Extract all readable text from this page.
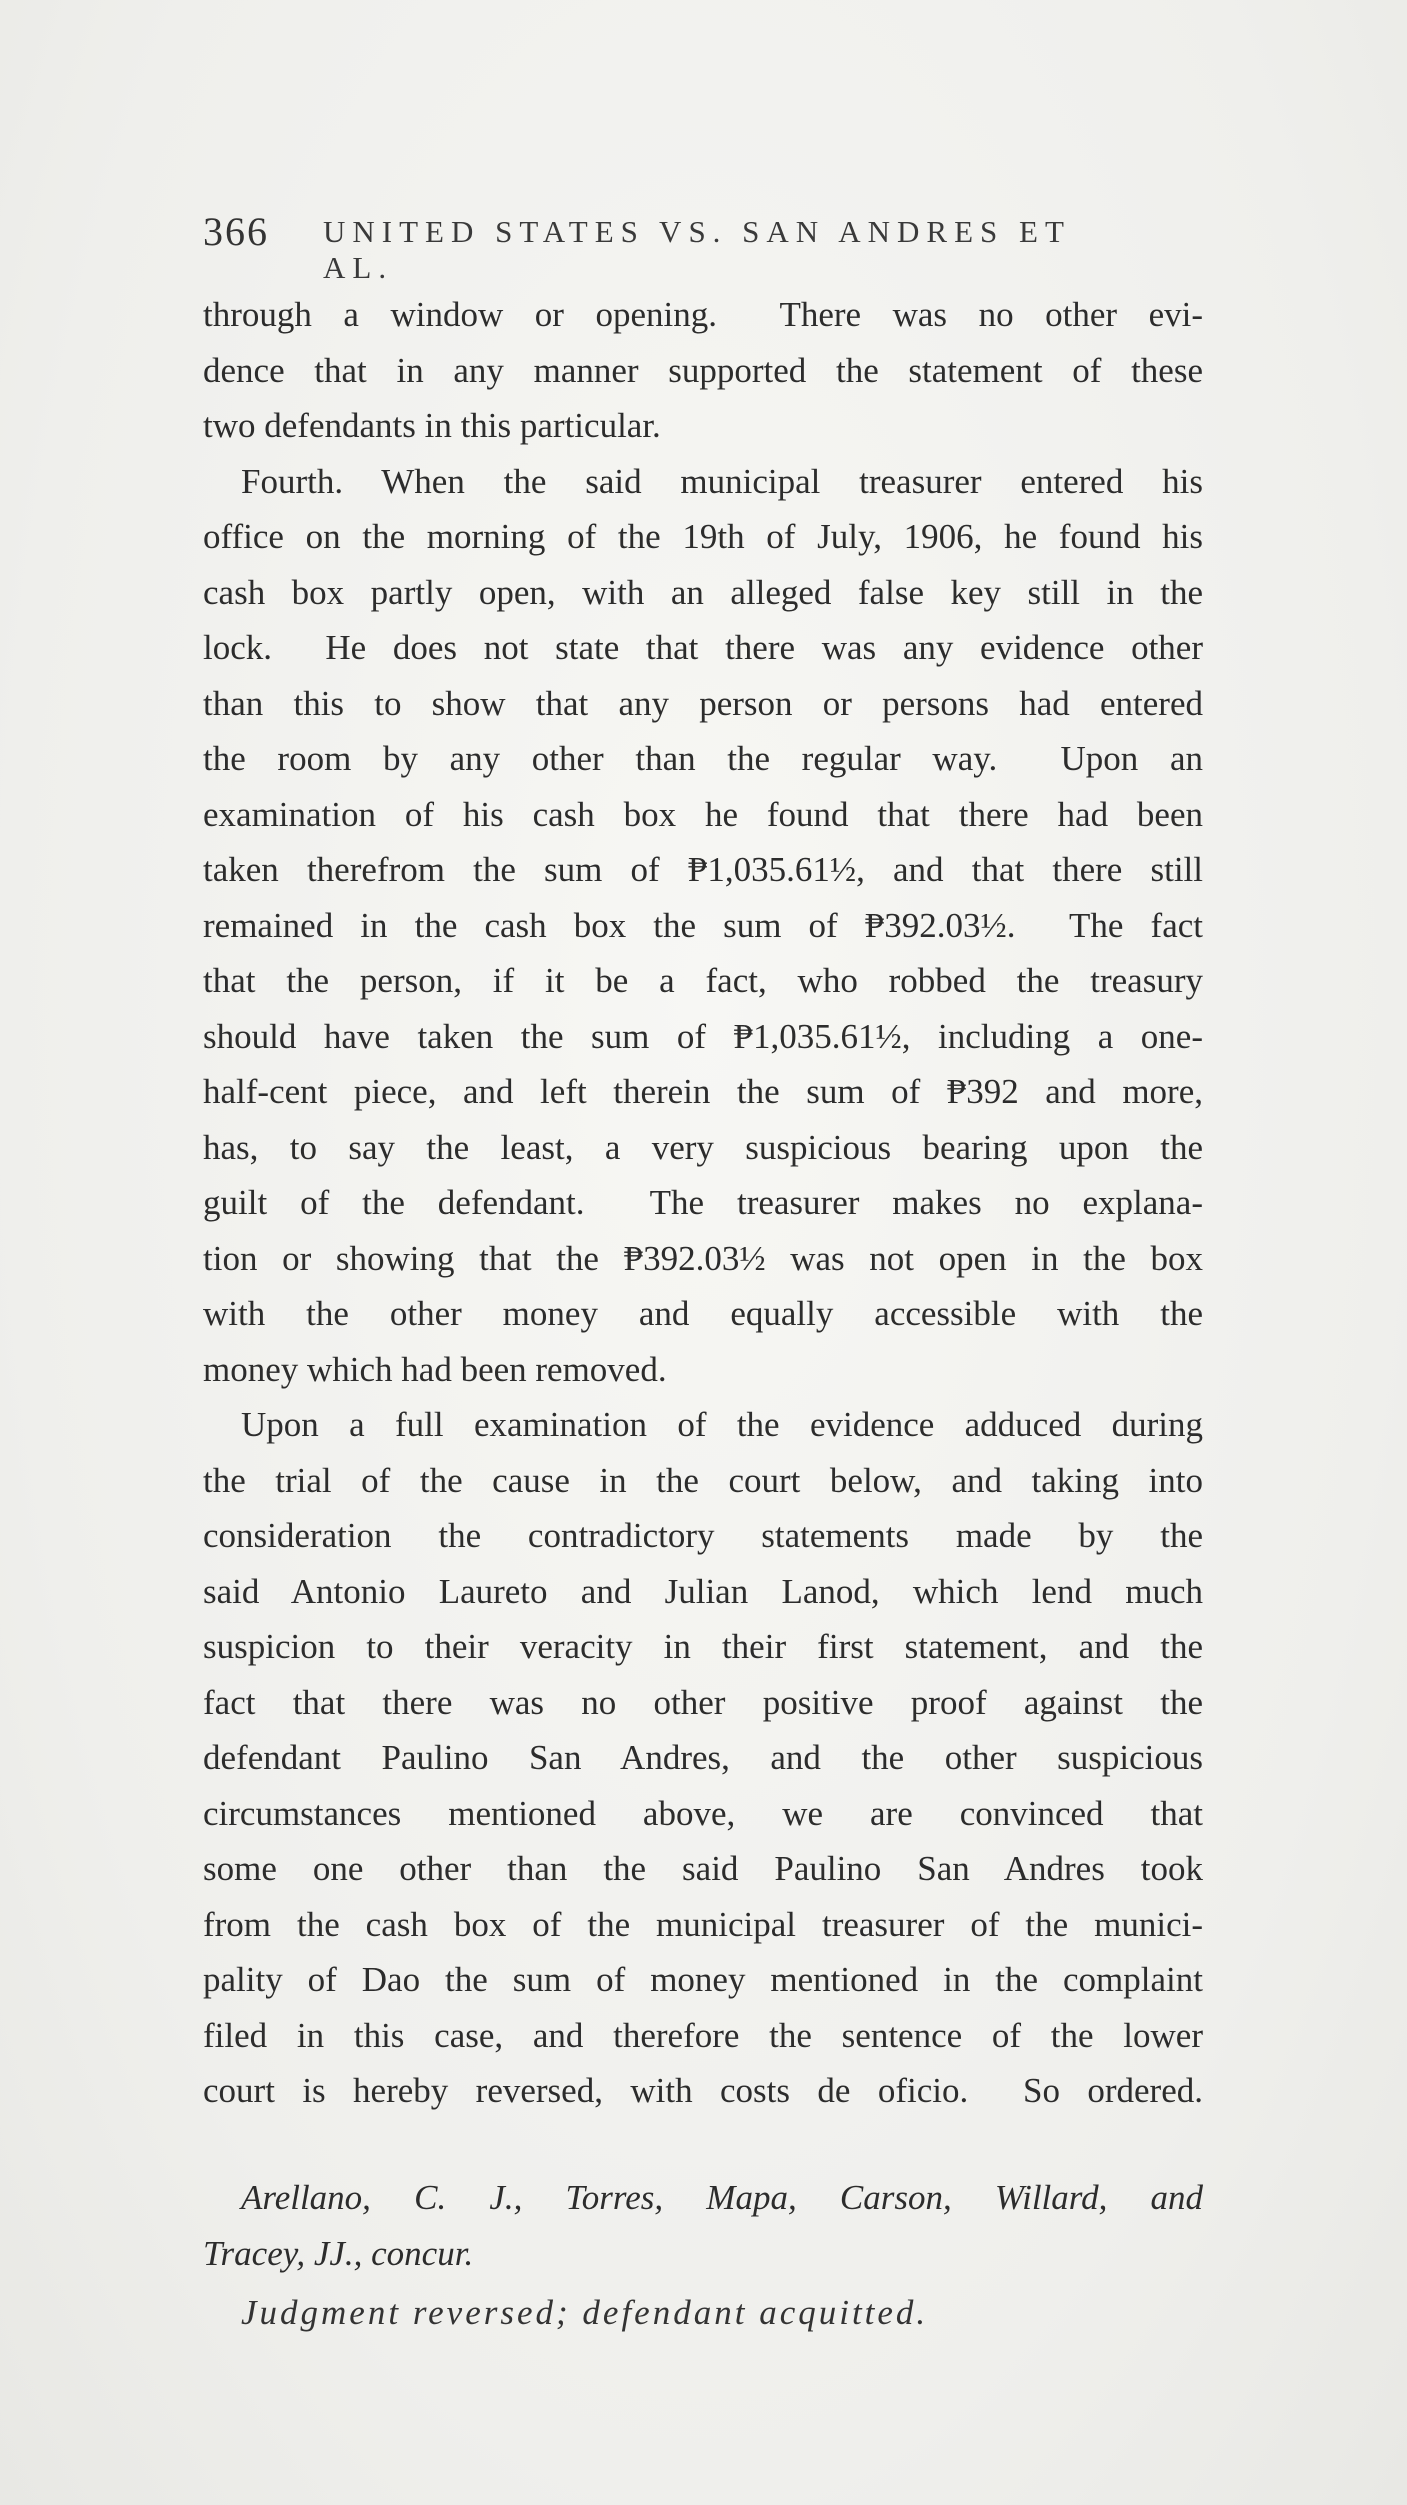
366 UNITED STATES VS. SAN ANDRES ET AL.
through a window or opening.  There was no other evi-
dence that in any manner supported the statement of these
two defendants in this particular.
Fourth. When the said municipal treasurer entered his
office on the morning of the 19th of July, 1906, he found his
cash box partly open, with an alleged false key still in the
lock.  He does not state that there was any evidence other
than this to show that any person or persons had entered
the room by any other than the regular way.  Upon an
examination of his cash box he found that there had been
taken therefrom the sum of ₱1,035.61½, and that there still
remained in the cash box the sum of ₱392.03½.  The fact
that the person, if it be a fact, who robbed the treasury
should have taken the sum of ₱1,035.61½, including a one-
half-cent piece, and left therein the sum of ₱392 and more,
has, to say the least, a very suspicious bearing upon the
guilt of the defendant.  The treasurer makes no explana-
tion or showing that the ₱392.03½ was not open in the box
with the other money and equally accessible with the
money which had been removed.
Upon a full examination of the evidence adduced during
the trial of the cause in the court below, and taking into
consideration the contradictory statements made by the
said Antonio Laureto and Julian Lanod, which lend much
suspicion to their veracity in their first statement, and the
fact that there was no other positive proof against the
defendant Paulino San Andres, and the other suspicious
circumstances mentioned above, we are convinced that
some one other than the said Paulino San Andres took
from the cash box of the municipal treasurer of the munici-
pality of Dao the sum of money mentioned in the complaint
filed in this case, and therefore the sentence of the lower
court is hereby reversed, with costs de oficio.  So ordered.
Arellano, C. J., Torres, Mapa, Carson, Willard, and
Tracey, JJ., concur.
Judgment reversed; defendant acquitted.
